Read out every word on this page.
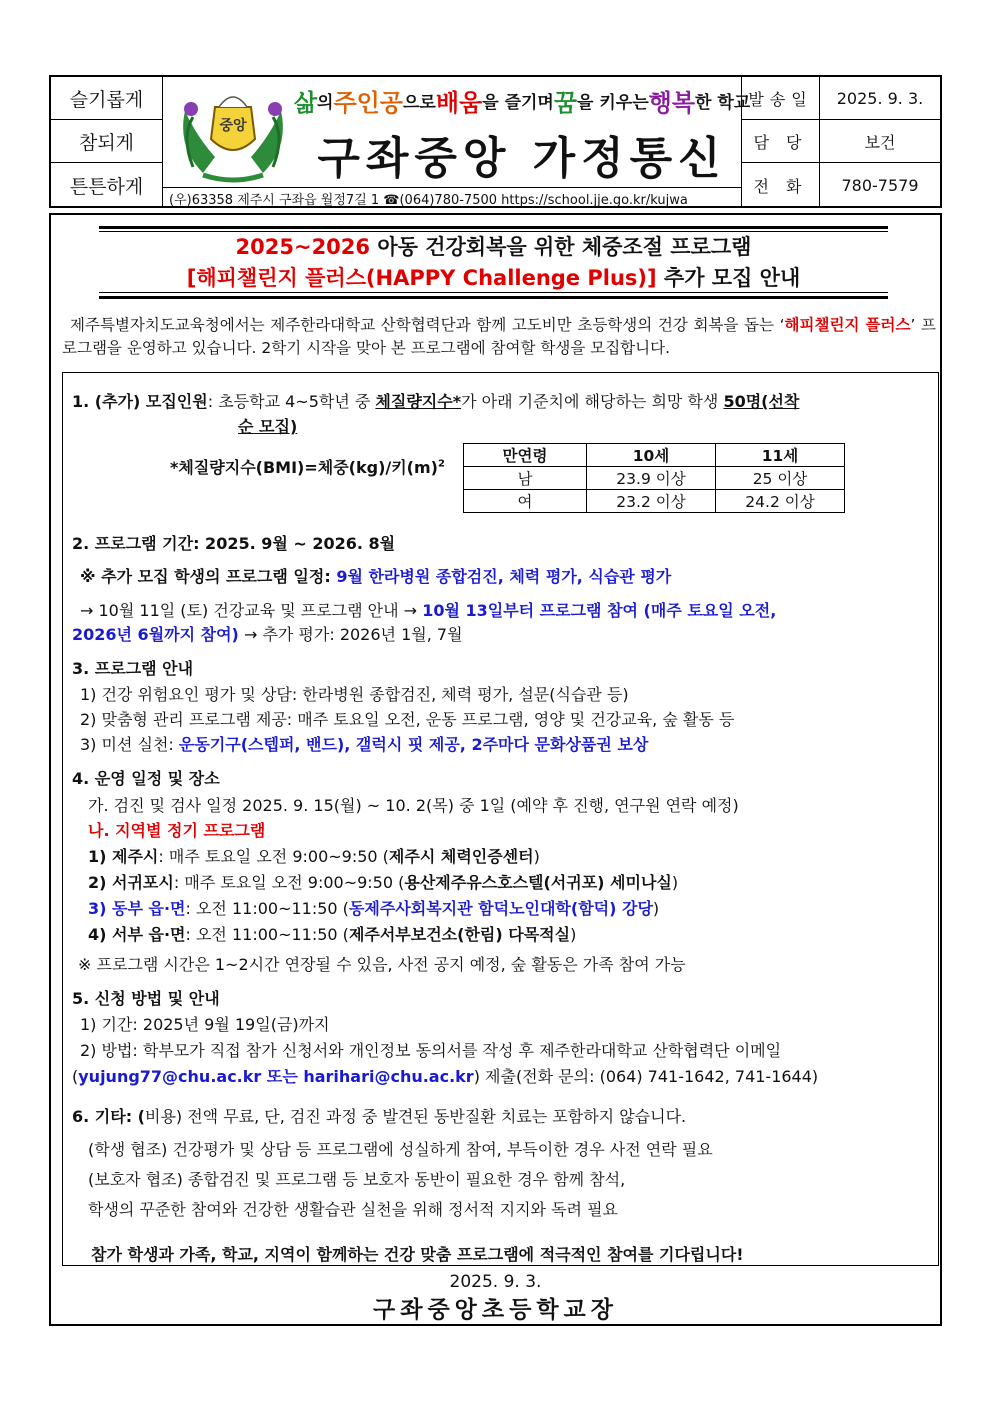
슬기롭게
참되게
튼튼하게
중앙
삶 의 주인공 으로 배움 을 즐기며 꿈 을 키우는 행복 한 학교
구좌중앙 가정통신
(우)63358 제주시 구좌읍 월정7길 1 ☎(064)780-7500 https://school.jje.go.kr/kujwa
발송일	2025. 9. 3.
담 당	보건
전 화	780-7579
2025~2026 아동 건강회복을 위한 체중조절 프로그램
[해피챌린지 플러스(HAPPY Challenge Plus)] 추가 모집 안내
제주특별자치도교육청에서는 제주한라대학교 산학협력단과 함께 고도비만 초등학생의 건강 회복을 돕는 ‘해피챌린지 플러스’ 프로그램을 운영하고 있습니다. 2학기 시작을 맞아 본 프로그램에 참여할 학생을 모집합니다.
1. (추가) 모집인원: 초등학교 4~5학년 중 체질량지수*가 아래 기준치에 해당하는 희망 학생 50명(선착
순 모집)
*체질량지수(BMI)=체중(kg)/키$(m)^2$	만연령	10세	11세
남	23.9 이상	25 이상
여	23.2 이상	24.2 이상
2. 프로그램 기간: 2025. 9월 ~ 2026. 8월
※ 추가 모집 학생의 프로그램 일정: 9월 한라병원 종합검진, 체력 평가, 식습관 평가
→ 10월 11일 (토) 건강교육 및 프로그램 안내 → 10월 13일부터 프로그램 참여 (매주 토요일 오전,
2026년 6월까지 참여) → 추가 평가: 2026년 1월, 7월
3. 프로그램 안내
1) 건강 위험요인 평가 및 상담: 한라병원 종합검진, 체력 평가, 설문(식습관 등)
2) 맞춤형 관리 프로그램 제공: 매주 토요일 오전, 운동 프로그램, 영양 및 건강교육, 숲 활동 등
3) 미션 실천: 운동기구(스텝퍼, 밴드), 갤럭시 핏 제공, 2주마다 문화상품권 보상
4. 운영 일정 및 장소
가. 검진 및 검사 일정 2025. 9. 15(월) ~ 10. 2(목) 중 1일 (예약 후 진행, 연구원 연락 예정)
나. 지역별 정기 프로그램
1) 제주시: 매주 토요일 오전 9:00~9:50 (제주시 체력인증센터)
2) 서귀포시: 매주 토요일 오전 9:00~9:50 (용산제주유스호스텔(서귀포) 세미나실)
3) 동부 읍·면: 오전 11:00~11:50 (동제주사회복지관 함덕노인대학(함덕) 강당)
4) 서부 읍·면: 오전 11:00~11:50 (제주서부보건소(한림) 다목적실)
※ 프로그램 시간은 1~2시간 연장될 수 있음, 사전 공지 예정, 숲 활동은 가족 참여 가능
5. 신청 방법 및 안내
1) 기간: 2025년 9월 19일(금)까지
2) 방법: 학부모가 직접 참가 신청서와 개인정보 동의서를 작성 후 제주한라대학교 산학협력단 이메일
(yujung77@chu.ac.kr 또는 harihari@chu.ac.kr) 제출(전화 문의: (064) 741-1642, 741-1644)
6. 기타: (비용) 전액 무료, 단, 검진 과정 중 발견된 동반질환 치료는 포함하지 않습니다.
(학생 협조) 건강평가 및 상담 등 프로그램에 성실하게 참여, 부득이한 경우 사전 연락 필요
(보호자 협조) 종합검진 및 프로그램 등 보호자 동반이 필요한 경우 함께 참석,
학생의 꾸준한 참여와 건강한 생활습관 실천을 위해 정서적 지지와 독려 필요
참가 학생과 가족, 학교, 지역이 함께하는 건강 맞춤 프로그램에 적극적인 참여를 기다립니다!
2025. 9. 3.
구좌중앙초등학교장
